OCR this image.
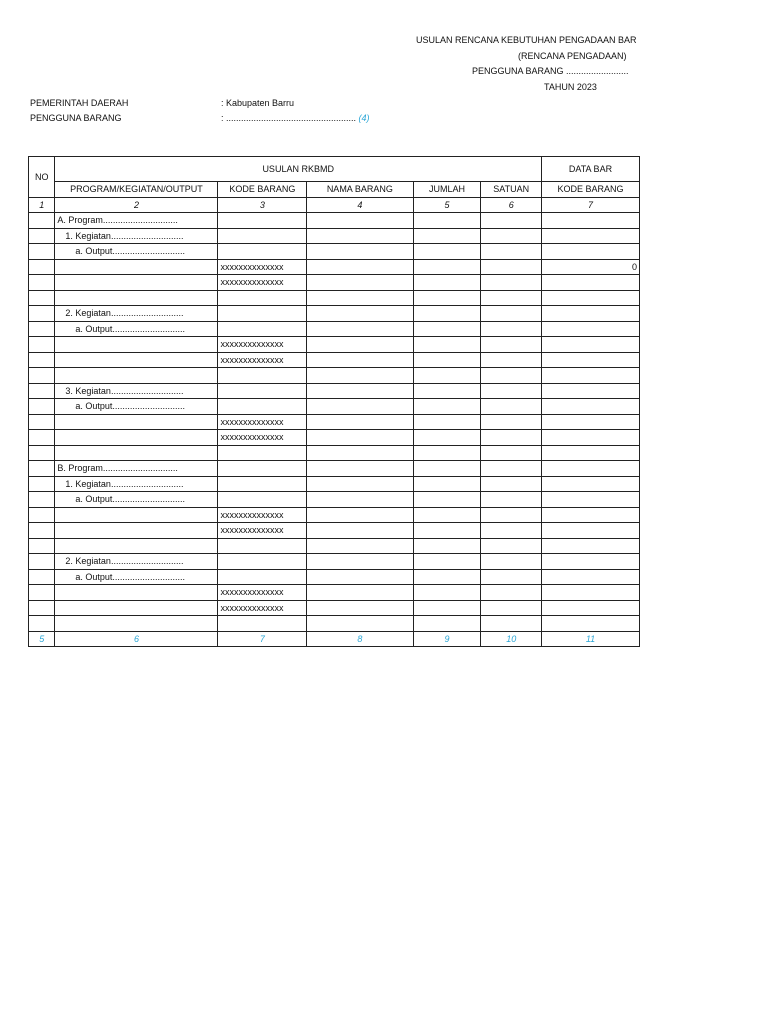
USULAN RENCANA KEBUTUHAN PENGADAAN BAR
(RENCANA PENGADAAN)
PENGGUNA BARANG .........................
TAHUN 2023
PEMERINTAH DAERAH	: Kabupaten Barru
PENGGUNA BARANG	: .................................................... (4)
NO	USULAN RKBMD					DATA BAR
	PROGRAM/KEGIATAN/OUTPUT	KODE BARANG	NAMA BARANG	JUMLAH	SATUAN	KODE BARANG
1	2	3	4	5	6	7
	A. Program..............................					
	1. Kegiatan.............................					
	a. Output.............................					
		xxxxxxxxxxxxxx				0
		xxxxxxxxxxxxxx				

	2. Kegiatan.............................					
	a. Output.............................					
		xxxxxxxxxxxxxx				
		xxxxxxxxxxxxxx				

	3. Kegiatan.............................					
	a. Output.............................					
		xxxxxxxxxxxxxx				
		xxxxxxxxxxxxxx				

	B. Program..............................					
	1. Kegiatan.............................					
	a. Output.............................					
		xxxxxxxxxxxxxx				
		xxxxxxxxxxxxxx				

	2. Kegiatan.............................					
	a. Output.............................					
		xxxxxxxxxxxxxx				
		xxxxxxxxxxxxxx				

5	6	7	8	9	10	11
